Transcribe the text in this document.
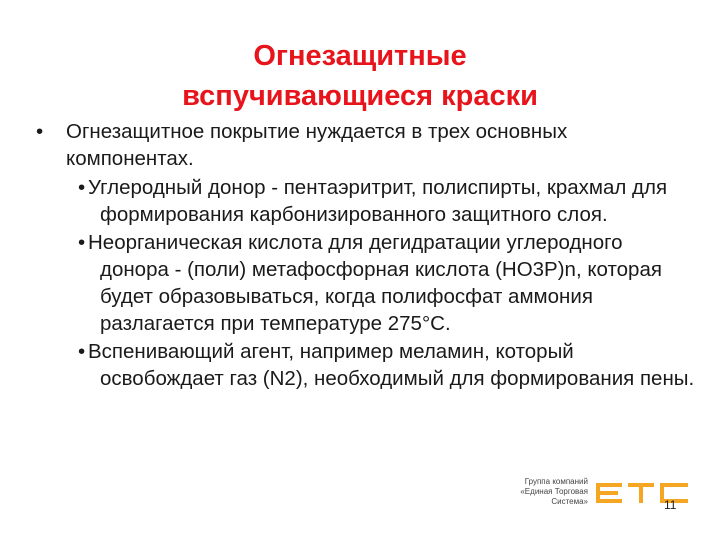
Огнезащитные
вспучивающиеся краски

• Огнезащитное покрытие нуждается в трех основных компонентах.

• Углеродный донор - пентаэритрит, полиспирты, крахмал для формирования карбонизированного защитного слоя.

• Неорганическая кислота для дегидратации углеродного донора - (поли) метафосфорная кислота (HO3P)n, которая будет образовываться, когда полифосфат аммония разлагается при температуре 275°C.

• Вспенивающий агент, например меламин, который освобождает газ (N2), необходимый для формирования пены.

Группа компаний
«Единая Торговая Система»	11
